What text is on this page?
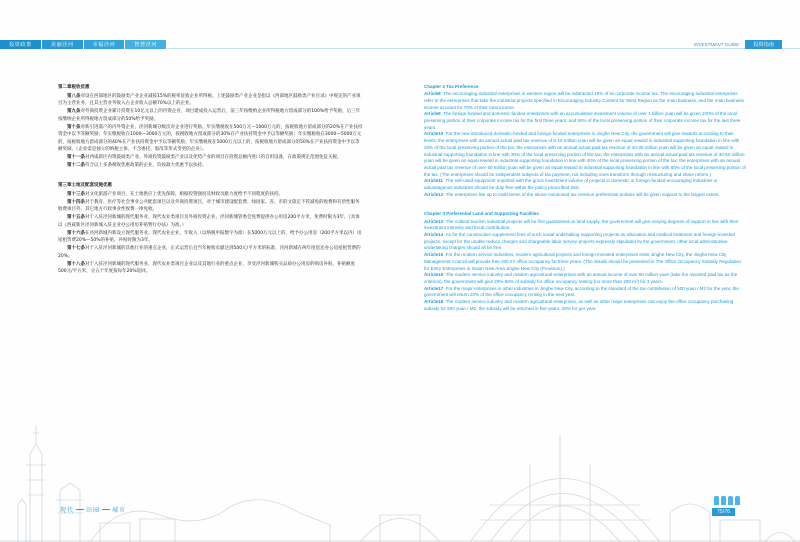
投资政策	美丽泾河	幸福泾河	智慧泾河	INVESTMENT GUIDE	投资指南

第二章税收优惠

第八条对设在西部地区的鼓励类产业企业减按15%的税率征收企业所得税。上述鼓励类产业企业是指以《西部地区鼓励类产业目录》中规定的产业项目为主营业务，且其主营业务收入占企业收入总额70%以上的企业。

第九条对外商投资企业累计投资在10亿元以上的内资企业，项目建成投入运营后，前三年按缴纳企业所得税地方留成部分的100%给予奖励，后三年按缴纳企业所得税地方留成部分的50%给予奖励。

第十条对新引进落户的内外资企业，泾河新城分级次对企业进行奖励。年实缴税收在500万元—1000万元的，按税收地方留成部分的20%在产业扶持资金中以予等额奖励；年实缴税收在1000—3000万元的，按税收地方留成部分的30%在产业扶持资金中予以等额奖励；年实缴税收在3000—5000万元的，按税收地方留成部分的40%在产业扶持资金中予以等额奖励；年实缴税收在5000万元以上的，按税收地方留成部分的50%在产业扶持资金中予以等额奖励。（企业需是独立的纳税主体，不含委托、股改等形式变更的企业）。

第十一条对西咸新区内资鼓励类产业、外商投资鼓励类产业以及优势产业的项目在投资总额内进口的自用设备，在政策规定范围免征关税。

第十二条符合以上多条税收优惠政策的企业，均按最大优惠予以扶持。

第三章土地及配套设施优惠

第十三条对文化旅游产业项目，在土地供应上优先保障，根据投资强度及财政贡献力度给予不同程度的扶持。

第十四条对于教育、医疗等社会事业公共配套项目以及外商投资项目，对于城市建设配套费、绿园家、省、市的文旅定不管减免的收费和有偿性服务收费项目外，其它地方行政事业性收费一律免收。

第十五条对于入驻泾河新城的现代服务业、现代农业类项目及外商投资企业，泾河新城管委会免费提供办公用房200平方米，免费时限为3年。（具体以《西咸新区泾河新城入驻企业办公用房补贴暂行办法》为准。）

第十六条在泾河新城内新设立现代服务业、现代农业企业，年收入（以纳税申报数字为准）在5000万元以上的，给予办公用房（200平方米以内）房屋租赁费20%—50%的补贴，补贴时限为3年。

第十七条对于入驻泾河新城的其他行业的重点企业，正式运营后且当年税收贡献达到500元/平方米的标准，泾河新城在两年度返还办公房屋租赁费的20%。

第十八条对于入驻泾河新城的现代服务业、现代农业类项目企业以及其他行业的重点企业，享受泾河新城购买品质办公用房的购房补贴，补贴额度500元/平方米，分五个年度按每年20%返回。

Chapter 2 Tax Preference

Article8 The encouraging industrial enterprises in western region will be subtracted 15% of its corporate income tax. The encouraging industrial enterprises refer to the enterprises that take the industrial projects specified in Encouraging Industry Content for West Region as the main business, and the main business income account for 70% of their total income.

Article9 The foreign-funded and domestic-funded enterprises with an accumulative investment volume of over 1 billion yuan will be given 100% of the local preserving portion of their corporate income tax for the first three years; and 50% of the local preserving portion of their corporate income tax for the last three years.

Article10 For the new introduced domestic-funded and foreign-funded enterprises in Jinghe New City, the government will give rewards according to their levels: the enterprises with an annual actual paid tax revenue of 5-10 million yuan will be given an equal reward in industrial supporting foundation in line with 20% of the local preserving portion of the tax; the enterprises with an annual actual paid tax revenue of 10-30 million yuan will be given an equal reward in industrial supporting foundation in line with 30% of the local preserving portion of the tax; the enterprises with an annual actual paid tax revenue of 30-50 million yuan will be given an equal reward in industrial supporting foundation in line with 40% of the local preserving portion of the tax; the enterprises with an annual actual paid tax revenue of over 50 million yuan will be given an equal reward in industrial supporting foundation in line with 50% of the local preserving portion of the tax. (The enterprises should be independent subjects of tax payment, not including ones transform through restructuring and share reform.)

Article11 The self-used equipment imported with the gross investment volume of projects in domestic or foreign-funded encouraging industries or advantageous industries should be duty-free within the policy prescribed limit.

Article12 The enterprises live up to multi-terms of the above mentioned tax revenue preferential policies will be given support to the largest extent.

Chapter 3 Preferential Land and Supporting Facilities

Article13 The cultural tourism industrial projects will be first guaranteed on land supply, the government will give varying degrees of support in line with their investment intensity and fiscal contribution.

Article14 As for the construction supplement fees of such social undertaking supporting projects as education and medical treatment and foreign-invested projects, except for the unable-reduce charges and chargeable labor service projects expressly stipulated by the government, other local administrative undertaking charges should all be free.

Article15 For the modern service industries, modern agricultural projects and foreign-invested enterprises enter Jinghe New City, the Jinghe New City Management Council will provide free 200 m² office occupancy for three years. (The details should be presented in The Office Occupancy Subsidy Regulation for Entry Enterprises in Xixian New Area Jinghe New City (Provision).)

Article16 The modern service industry and modern agricultural enterprises with an annual income of over 50 million yuan (take the reported paid tax as the criterion), the government will give 20%-50% of subsidy for office occupancy renting (no more than 200 m²) for 3 years.

Article17 For the major enterprises in other industries in Jinghe New City, according to the standard of the tax contribution of 500 yuan / M2 for the year, the government will return 20% of the office occupancy renting in the next year.

Article18 The modern service industry and modern agricultural enterprises, as well as other major enterprises can enjoy the office occupancy purchasing subsidy for 500 yuan / M2, the subsidy will be returned in five years, 20% for per year.

现代 田园 城市	75/76
